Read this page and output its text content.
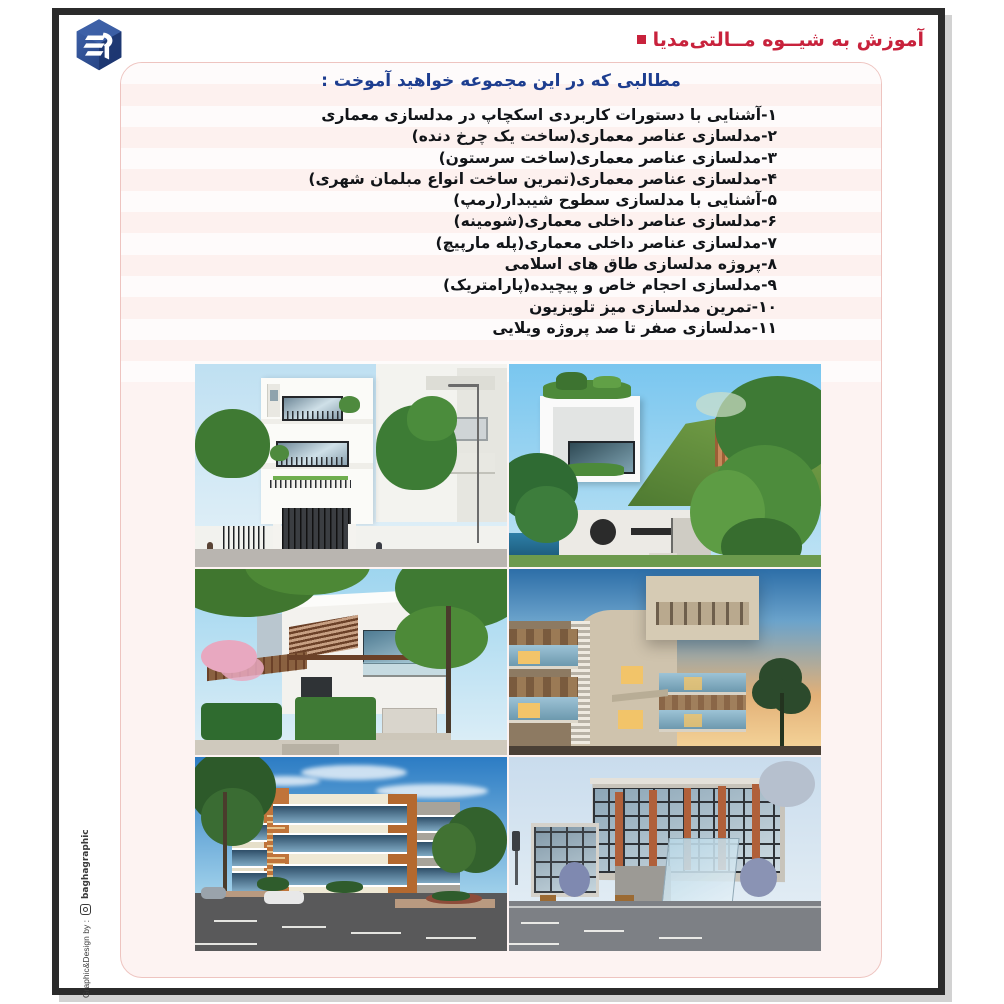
آموزش به شیــوه مــالتی‌مدیا
مطالبی که در این مجموعه خواهید آموخت :
۱-آشنایی با دستورات کاربردی اسکچاپ در مدلسازی معماری
۲-مدلسازی عناصر معماری(ساخت یک چرخ دنده)
۳-مدلسازی عناصر معماری(ساخت سرستون)
۴-مدلسازی عناصر معماری(تمرین ساخت انواع مبلمان شهری)
۵-آشنایی با مدلسازی سطوح شیبدار(رمپ)
۶-مدلسازی عناصر داخلی معماری(شومینه)
۷-مدلسازی عناصر داخلی معماری(پله مارپیچ)
۸-پروژه مدلسازی طاق های اسلامی
۹-مدلسازی احجام خاص و پیچیده(پارامتریک)
۱۰-تمرین مدلسازی میز تلویزیون
۱۱-مدلسازی صفر تا صد پروژه ویلایی
Graphic&Design by :
baghagraphic
